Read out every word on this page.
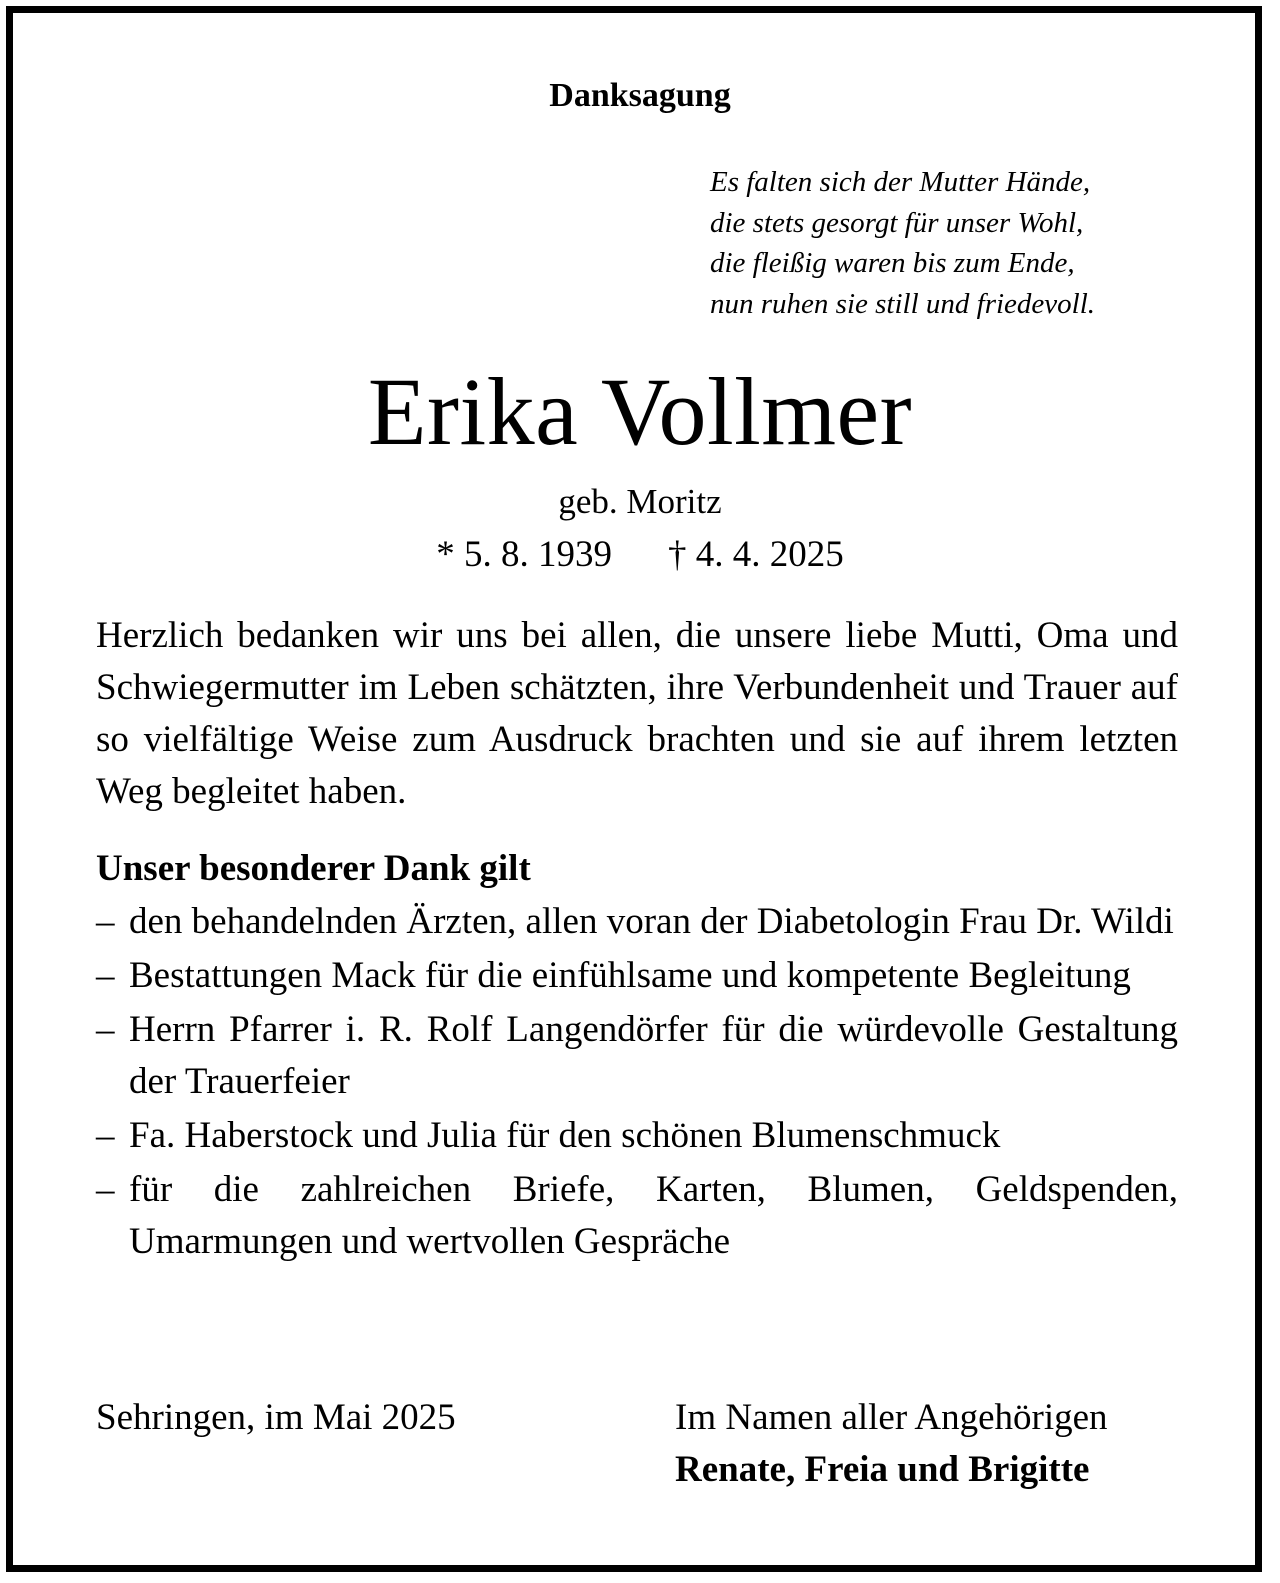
Danksagung
Es falten sich der Mutter Hände,
die stets gesorgt für unser Wohl,
die fleißig waren bis zum Ende,
nun ruhen sie still und friedevoll.
Erika Vollmer
geb. Moritz
* 5. 8. 1939 † 4. 4. 2025
Herzlich bedanken wir uns bei allen, die unsere liebe Mutti, Oma und Schwiegermutter im Leben schätzten, ihre Verbundenheit und Trauer auf so vielfältige Weise zum Ausdruck brachten und sie auf ihrem letzten Weg begleitet haben.
Unser besonderer Dank gilt
– den behandelnden Ärzten, allen voran der Diabetologin Frau Dr. Wildi
– Bestattungen Mack für die einfühlsame und kompetente Begleitung
– Herrn Pfarrer i. R. Rolf Langendörfer für die würdevolle Gestaltung der Trauerfeier
– Fa. Haberstock und Julia für den schönen Blumenschmuck
– für die zahlreichen Briefe, Karten, Blumen, Geldspenden, Umarmungen und wertvollen Gespräche
Sehringen, im Mai 2025	Im Namen aller Angehörigen
Renate, Freia und Brigitte
